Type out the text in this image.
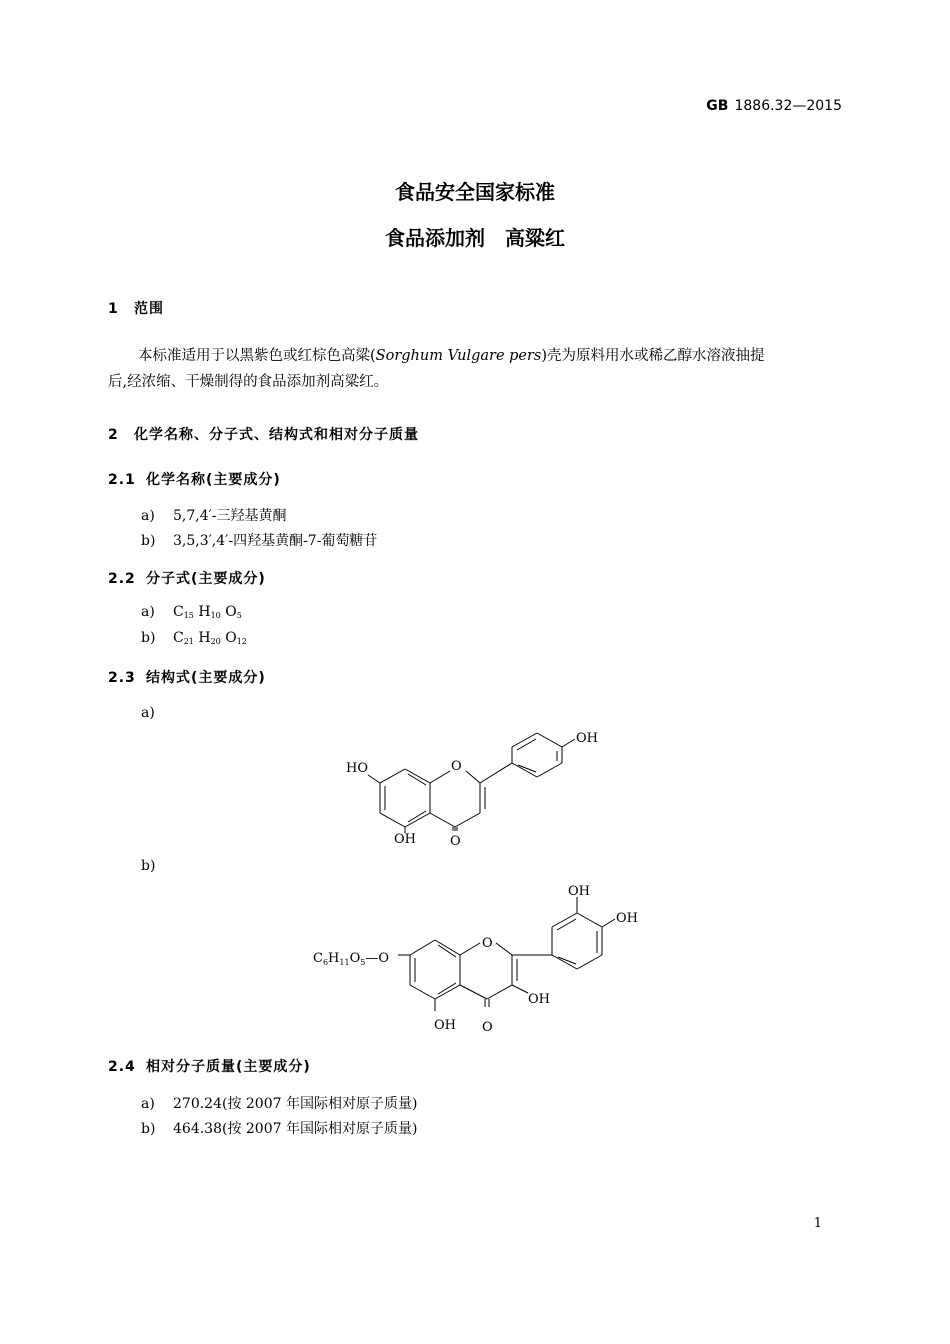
GB 1886.32—2015
食品安全国家标准
食品添加剂　高粱红
1 范围
本标准适用于以黑紫色或红棕色高粱(Sorghum Vulgare pers)壳为原料用水或稀乙醇水溶液抽提
后,经浓缩、干燥制得的食品添加剂高粱红。
2 化学名称、分子式、结构式和相对分子质量
2.1 化学名称(主要成分)
a) 5,7,4′-三羟基黄酮
b) 3,5,3′,4′-四羟基黄酮-7-葡萄糖苷
2.2 分子式(主要成分)
a) $C_{15}$ $H_{10}$ $O_5$
b) $C_{21}$ $H_{20}$ $O_{12}$
2.3 结构式(主要成分)
a)
OH
HO	O
OH	O
b)
OH
OH
$C_6H_{11}O_5—O$
O
OH
OH O
2.4 相对分子质量(主要成分)
a) 270.24(按 2007 年国际相对原子质量)
b) 464.38(按 2007 年国际相对原子质量)
1
